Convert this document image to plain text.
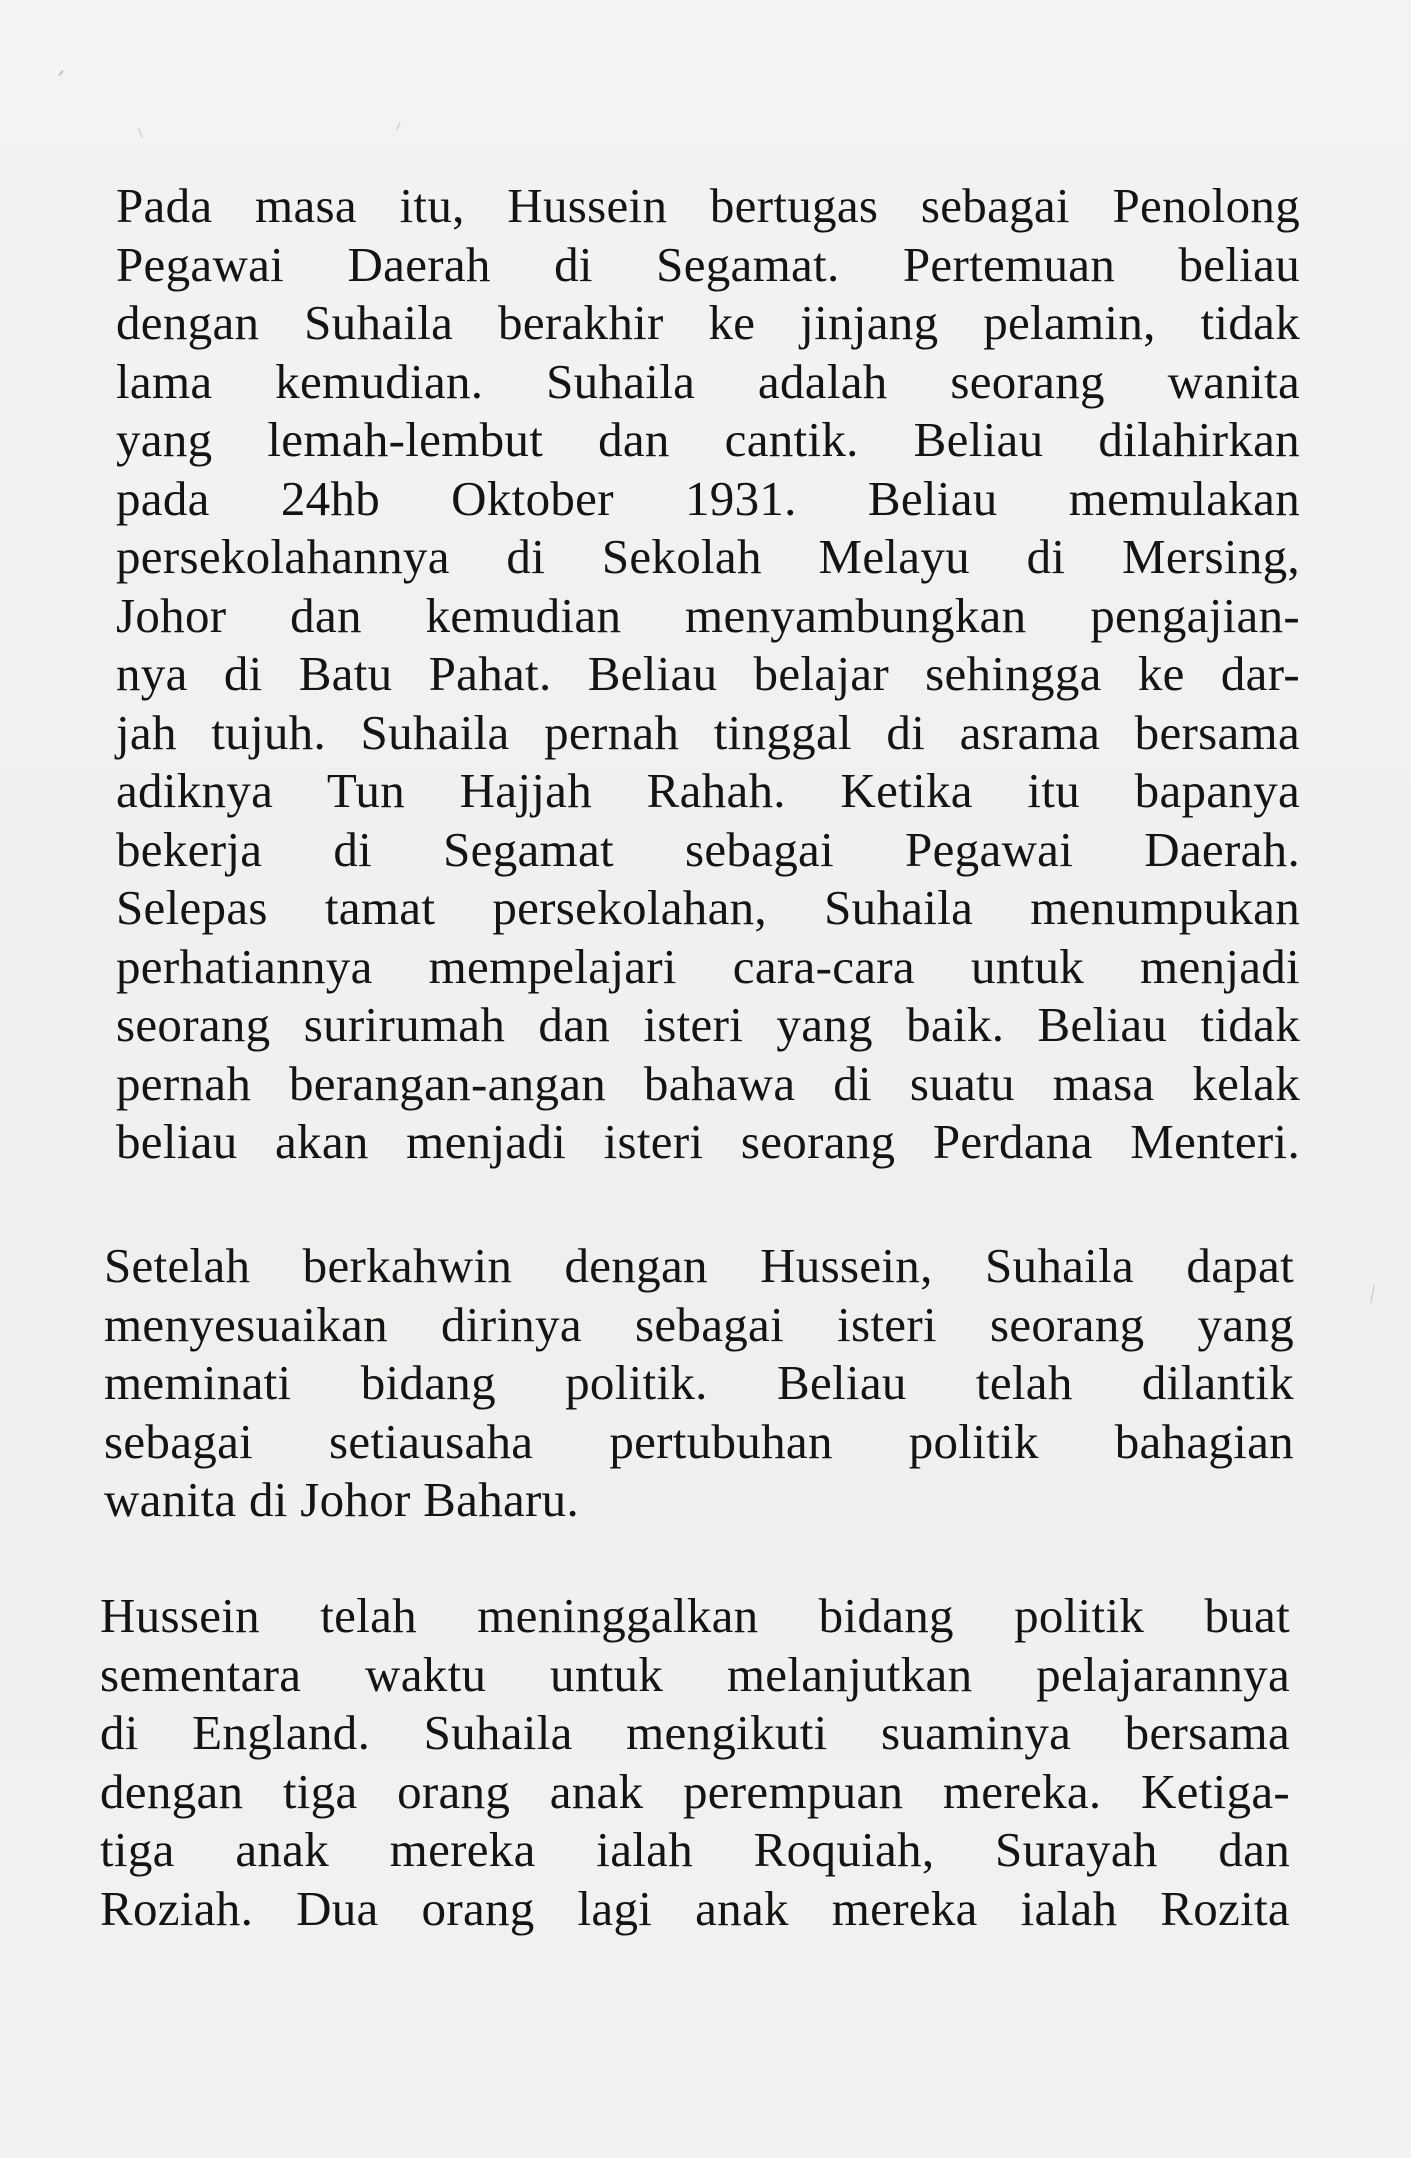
Pada masa itu, Hussein bertugas sebagai Penolong
Pegawai Daerah di Segamat. Pertemuan beliau
dengan Suhaila berakhir ke jinjang pelamin, tidak
lama kemudian. Suhaila adalah seorang wanita
yang lemah-lembut dan cantik. Beliau dilahirkan
pada 24hb Oktober 1931. Beliau memulakan
persekolahannya di Sekolah Melayu di Mersing,
Johor dan kemudian menyambungkan pengajian-
nya di Batu Pahat. Beliau belajar sehingga ke dar-
jah tujuh. Suhaila pernah tinggal di asrama bersama
adiknya Tun Hajjah Rahah. Ketika itu bapanya
bekerja di Segamat sebagai Pegawai Daerah.
Selepas tamat persekolahan, Suhaila menumpukan
perhatiannya mempelajari cara-cara untuk menjadi
seorang surirumah dan isteri yang baik. Beliau tidak
pernah berangan-angan bahawa di suatu masa kelak
beliau akan menjadi isteri seorang Perdana Menteri.
Setelah berkahwin dengan Hussein, Suhaila dapat
menyesuaikan dirinya sebagai isteri seorang yang
meminati bidang politik. Beliau telah dilantik
sebagai setiausaha pertubuhan politik bahagian
wanita di Johor Baharu.
Hussein telah meninggalkan bidang politik buat
sementara waktu untuk melanjutkan pelajarannya
di England. Suhaila mengikuti suaminya bersama
dengan tiga orang anak perempuan mereka. Ketiga-
tiga anak mereka ialah Roquiah, Surayah dan
Roziah. Dua orang lagi anak mereka ialah Rozita
